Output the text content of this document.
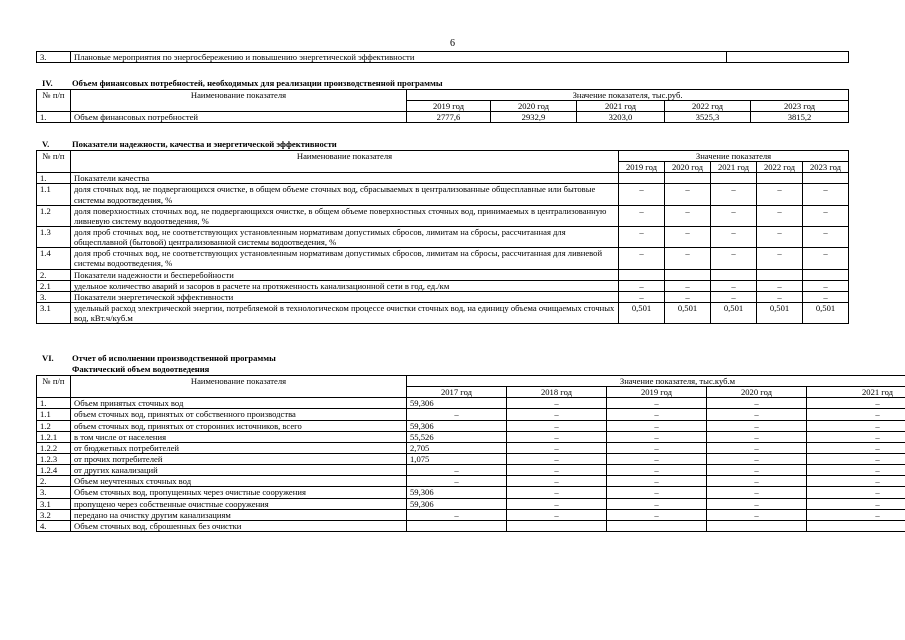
6
3.	Плановые мероприятия по энергосбережению и повышению энергетической эффективности	
IV. Объем финансовых потребностей, необходимых для реализации производственной программы
№ п/п	Наименование показателя	Значение показателя, тыс.руб.				
		2019 год	2020 год	2021 год	2022 год	2023 год
1.	Объем финансовых потребностей	2777,6	2932,9	3203,0	3525,3	3815,2
V.	Показатели надежности, качества и энергетической эффективности
№ п/п	Наименование показателя	Значение показателя				
		2019 год	2020 год	2021 год	2022 год	2023 год
1.	Показатели качества					
1.1	доля сточных вод, не подвергающихся очистке, в общем объеме сточных вод, сбрасываемых в централизованные общесплавные или бытовые системы водоотведения, %	–	–	–	–	–
1.2	доля поверхностных сточных вод, не подвергающихся очистке, в общем объеме поверхностных сточных вод, принимаемых в централизованную ливневую систему водоотведения, %	–	–	–	–	–
1.3	доля проб сточных вод, не соответствующих установленным нормативам допустимых сбросов, лимитам на сбросы, рассчитанная для общесплавной (бытовой) централизованной системы водоотведения, %	–	–	–	–	–
1.4	доля проб сточных вод, не соответствующих установленным нормативам допустимых сбросов, лимитам на сбросы, рассчитанная для ливневой системы водоотведения, %	–	–	–	–	–
2.	Показатели надежности и бесперебойности					
2.1	удельное количество аварий и засоров в расчете на протяженность канализационной сети в год, ед./км	–	–	–	–	–
3.	Показатели энергетической эффективности	–	–	–	–	–
3.1	удельный расход электрической энергии, потребляемой в технологическом процессе очистки сточных вод, на единицу объема очищаемых сточных вод, кВт.ч/куб.м	0,501	0,501	0,501	0,501	0,501
VI. Отчет об исполнении производственной программы
Фактический объем водоотведения
№ п/п	Наименование показателя	Значение показателя, тыс.куб.м				
		2017 год	2018 год	2019 год	2020 год	2021 год
1.	Объем принятых сточных вод	59,306	–	–	–	–
1.1	объем сточных вод, принятых от собственного производства	–	–	–	–	–
1.2	объем сточных вод, принятых от сторонних источников, всего	59,306	–	–	–	–
1.2.1	в том числе от населения	55,526	–	–	–	–
1.2.2	от бюджетных потребителей	2,705	–	–	–	–
1.2.3	от прочих потребителей	1,075	–	–	–	–
1.2.4	от других канализаций	–	–	–	–	–
2.	Объем неучтенных сточных вод	–	–	–	–	–
3.	Объем сточных вод, пропущенных через очистные сооружения	59,306	–	–	–	–
3.1	пропущено через собственные очистные сооружения	59,306	–	–	–	–
3.2	передано на очистку другим канализациям	–	–	–	–	–
4.	Объем сточных вод, сброшенных без очистки					
